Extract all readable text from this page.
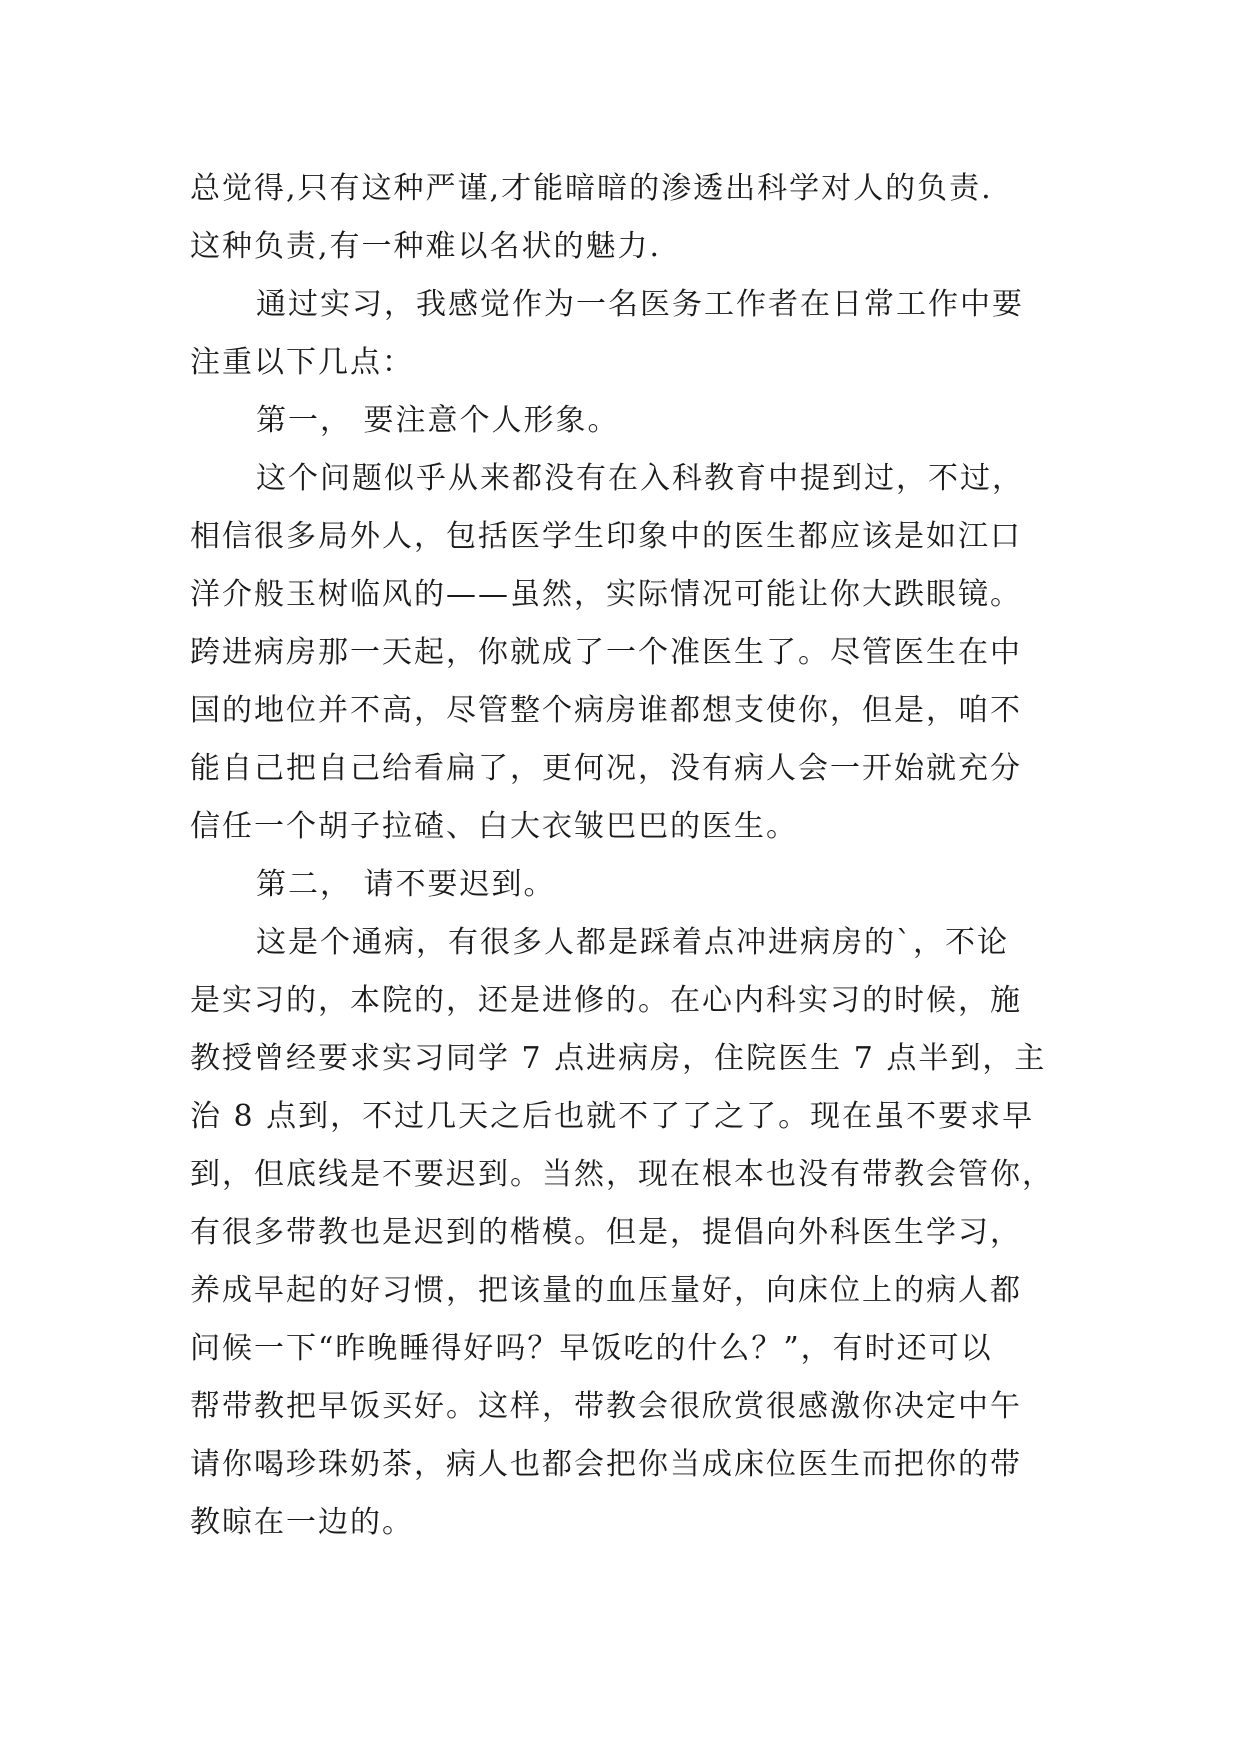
总觉得,只有这种严谨,才能暗暗的渗透出科学对人的负责.
这种负责,有一种难以名状的魅力.
通过实习，我感觉作为一名医务工作者在日常工作中要
注重以下几点：
第一， 要注意个人形象。
这个问题似乎从来都没有在入科教育中提到过，不过，
相信很多局外人，包括医学生印象中的医生都应该是如江口
洋介般玉树临风的——虽然，实际情况可能让你大跌眼镜。
跨进病房那一天起，你就成了一个准医生了。尽管医生在中
国的地位并不高，尽管整个病房谁都想支使你，但是，咱不
能自己把自己给看扁了，更何况，没有病人会一开始就充分
信任一个胡子拉碴、白大衣皱巴巴的医生。
第二， 请不要迟到。
这是个通病，有很多人都是踩着点冲进病房的`，不论
是实习的，本院的，还是进修的。在心内科实习的时候，施
教授曾经要求实习同学 7 点进病房，住院医生 7 点半到，主
治 8 点到，不过几天之后也就不了了之了。现在虽不要求早
到，但底线是不要迟到。当然，现在根本也没有带教会管你，
有很多带教也是迟到的楷模。但是，提倡向外科医生学习，
养成早起的好习惯，把该量的血压量好，向床位上的病人都
问候一下“昨晚睡得好吗？早饭吃的什么？”，有时还可以
帮带教把早饭买好。这样，带教会很欣赏很感激你决定中午
请你喝珍珠奶茶，病人也都会把你当成床位医生而把你的带
教晾在一边的。
